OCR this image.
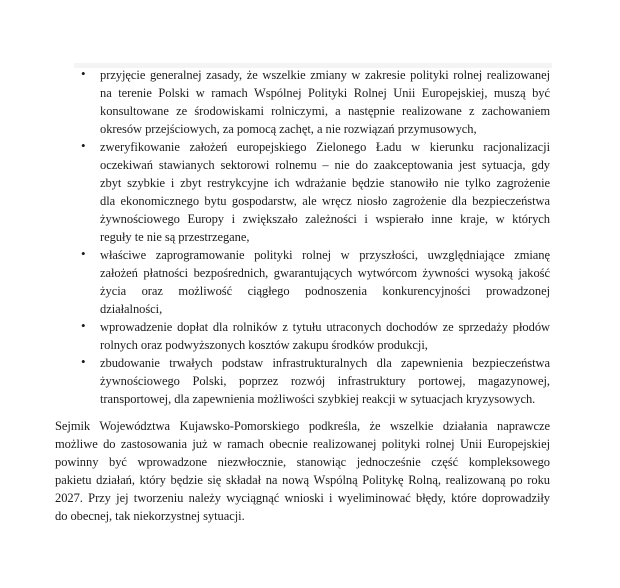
• przyjęcie generalnej zasady, że wszelkie zmiany w zakresie polityki rolnej realizowanej
na terenie Polski w ramach Wspólnej Polityki Rolnej Unii Europejskiej, muszą być
konsultowane ze środowiskami rolniczymi, a następnie realizowane z zachowaniem
okresów przejściowych, za pomocą zachęt, a nie rozwiązań przymusowych,
• zweryfikowanie założeń europejskiego Zielonego Ładu w kierunku racjonalizacji
oczekiwań stawianych sektorowi rolnemu – nie do zaakceptowania jest sytuacja, gdy
zbyt szybkie i zbyt restrykcyjne ich wdrażanie będzie stanowiło nie tylko zagrożenie
dla ekonomicznego bytu gospodarstw, ale wręcz niosło zagrożenie dla bezpieczeństwa
żywnościowego Europy i zwiększało zależności i wspierało inne kraje, w których
reguły te nie są przestrzegane,
• właściwe zaprogramowanie polityki rolnej w przyszłości, uwzględniające zmianę
założeń płatności bezpośrednich, gwarantujących wytwórcom żywności wysoką jakość
życia oraz możliwość ciągłego podnoszenia konkurencyjności prowadzonej
działalności,
• wprowadzenie dopłat dla rolników z tytułu utraconych dochodów ze sprzedaży płodów
rolnych oraz podwyższonych kosztów zakupu środków produkcji,
• zbudowanie trwałych podstaw infrastrukturalnych dla zapewnienia bezpieczeństwa
żywnościowego Polski, poprzez rozwój infrastruktury portowej, magazynowej,
transportowej, dla zapewnienia możliwości szybkiej reakcji w sytuacjach kryzysowych.
Sejmik Województwa Kujawsko-Pomorskiego podkreśla, że wszelkie działania naprawcze
możliwe do zastosowania już w ramach obecnie realizowanej polityki rolnej Unii Europejskiej
powinny być wprowadzone niezwłocznie, stanowiąc jednocześnie część kompleksowego
pakietu działań, który będzie się składał na nową Wspólną Politykę Rolną, realizowaną po roku
2027. Przy jej tworzeniu należy wyciągnąć wnioski i wyeliminować błędy, które doprowadziły
do obecnej, tak niekorzystnej sytuacji.
